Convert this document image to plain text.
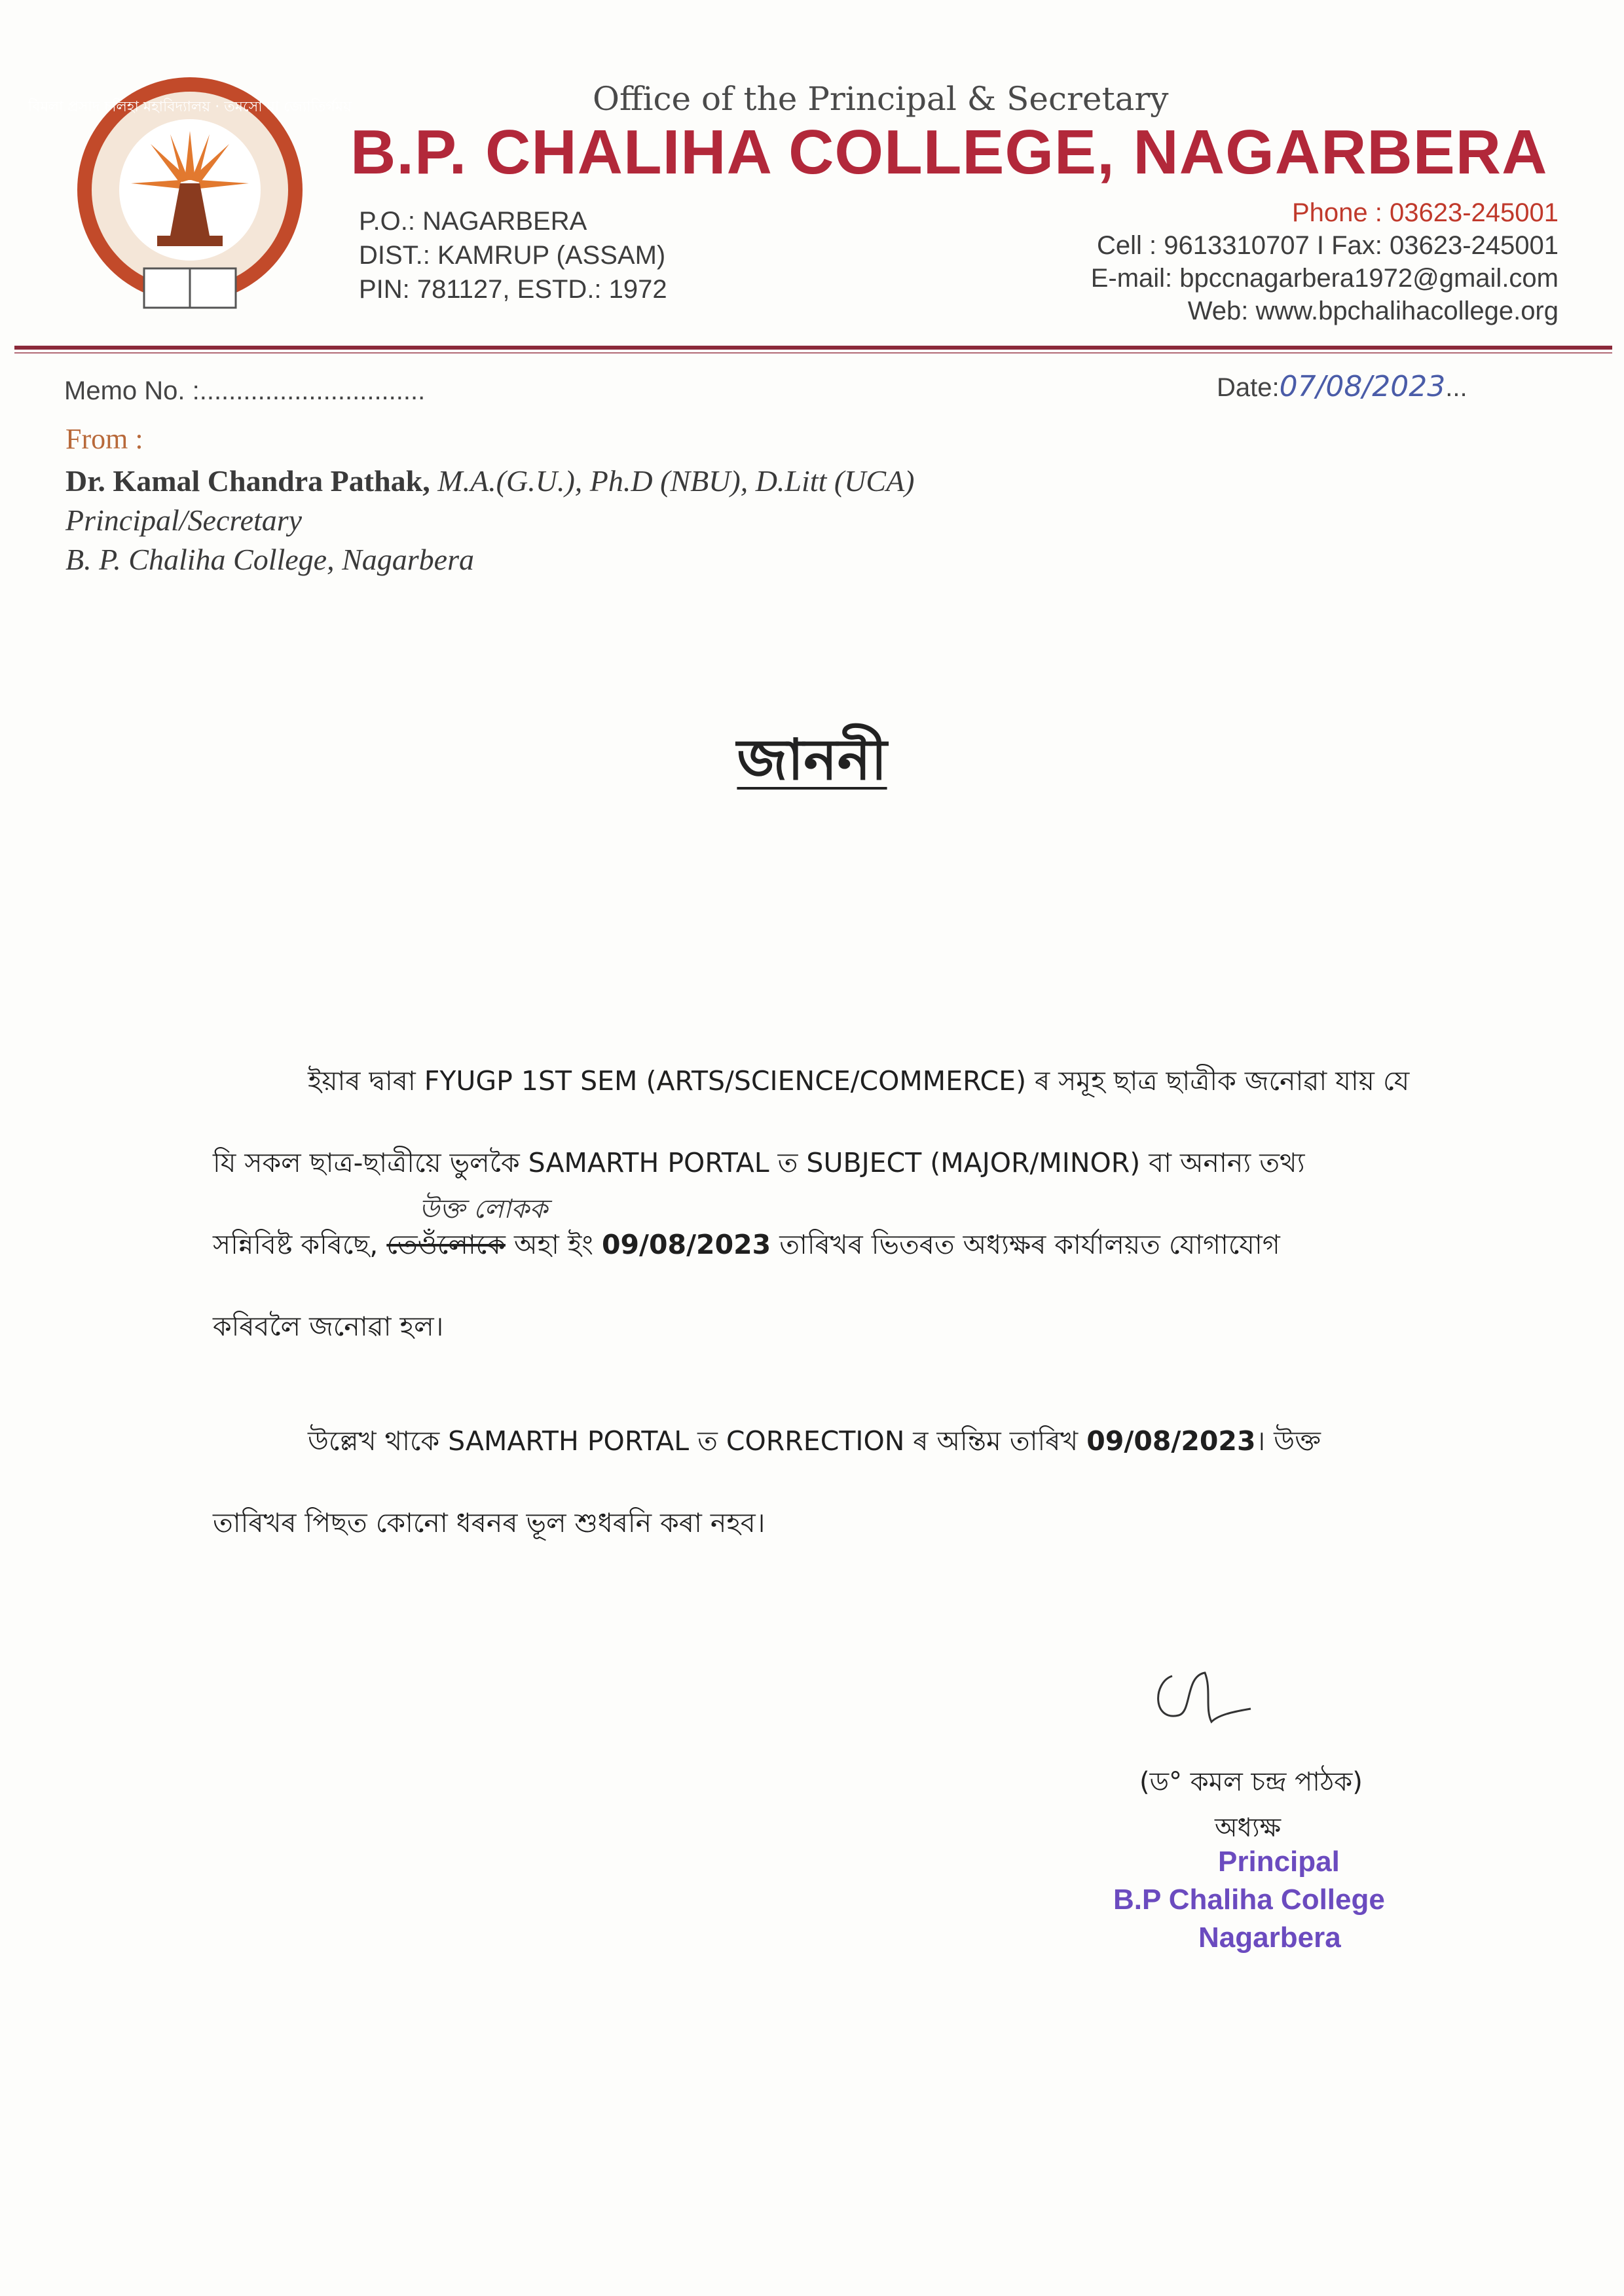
বিমলা প্ৰসাদ চলিহা মহাবিদ্যালয় · তমসো মা জ্যোতিৰ্গময়	Office of the Principal & Secretary
B.P. CHALIHA COLLEGE, NAGARBERA
P.O.: NAGARBERA
DIST.: KAMRUP (ASSAM)
PIN: 781127, ESTD.: 1972
Phone : 03623-245001
Cell : 9613310707 I Fax: 03623-245001
E-mail: bpccnagarbera1972@gmail.com
Web: www.bpchalihacollege.org
Memo No. :...............................	Date:07/08/2023...
From :
Dr. Kamal Chandra Pathak, M.A.(G.U.), Ph.D (NBU), D.Litt (UCA)
Principal/Secretary
B. P. Chaliha College, Nagarbera
জাননী
ইয়াৰ দ্বাৰা FYUGP 1ST SEM (ARTS/SCIENCE/COMMERCE) ৰ সমূহ ছাত্ৰ ছাত্ৰীক জনোৱা যায় যে
যি সকল ছাত্ৰ-ছাত্ৰীয়ে ভুলকৈ SAMARTH PORTAL ত SUBJECT (MAJOR/MINOR) বা অনান্য তথ্য
উক্ত লোকক
সন্নিবিষ্ট কৰিছে, তেওঁলোকে অহা ইং 09/08/2023 তাৰিখৰ ভিতৰত অধ্যক্ষৰ কাৰ্যালয়ত যোগাযোগ
কৰিবলৈ জনোৱা হল।
উল্লেখ থাকে SAMARTH PORTAL ত CORRECTION ৰ অন্তিম তাৰিখ 09/08/2023। উক্ত
তাৰিখৰ পিছত কোনো ধৰনৰ ভূল শুধৰনি কৰা নহব।
(ড° কমল চন্দ্ৰ পাঠক)
অধ্যক্ষ
Principal
B.P Chaliha College
Nagarbera
